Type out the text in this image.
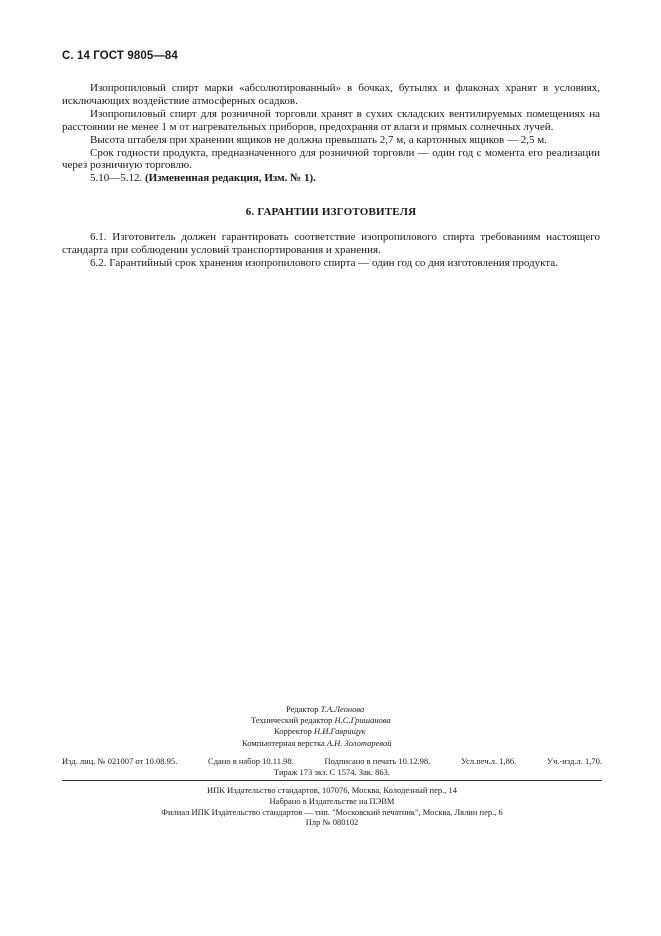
С. 14 ГОСТ 9805—84

Изопропиловый спирт марки «абсолютированный» в бочках, бутылях и флаконах хранят в условиях, исключающих воздействие атмосферных осадков.

Изопропиловый спирт для розничной торговли хранят в сухих складских вентилируемых помещениях на расстоянии не менее 1 м от нагревательных приборов, предохраняя от влаги и прямых солнечных лучей.

Высота штабеля при хранении ящиков не должна превышать 2,7 м, а картонных ящиков — 2,5 м.

Срок годности продукта, предназначенного для розничной торговли — один год с момента его реализации через розничную торговлю.

5.10—5.12. (Измененная редакция, Изм. № 1).

6. ГАРАНТИИ ИЗГОТОВИТЕЛЯ

6.1. Изготовитель должен гарантировать соответствие изопропилового спирта требованиям настоящего стандарта при соблюдении условий транспортирования и хранения.

6.2. Гарантийный срок хранения изопропилового спирта — один год со дня изготовления продукта.

Редактор Т.А.Леонова
Технический редактор Н.С.Гришанова
Корректор Н.И.Гаврищук
Компьютерная верстка А.Н. Золотаревой
Изд. лиц. № 021007 от 10.08.95.	Сдано в набор 10.11.98.	Подписано в печать 10.12.98.	Усл.печ.л. 1,86.	Уч.-изд.л. 1,70.
Тираж 173 экз. С 1574. Зак. 863.
ИПК Издательство стандартов, 107076, Москва, Колодезный пер., 14
Набрано в Издательстве на ПЭВМ
Филиал ИПК Издательство стандартов — тип. "Московский печатник", Москва, Лялин пер., 6
Плр № 080102
